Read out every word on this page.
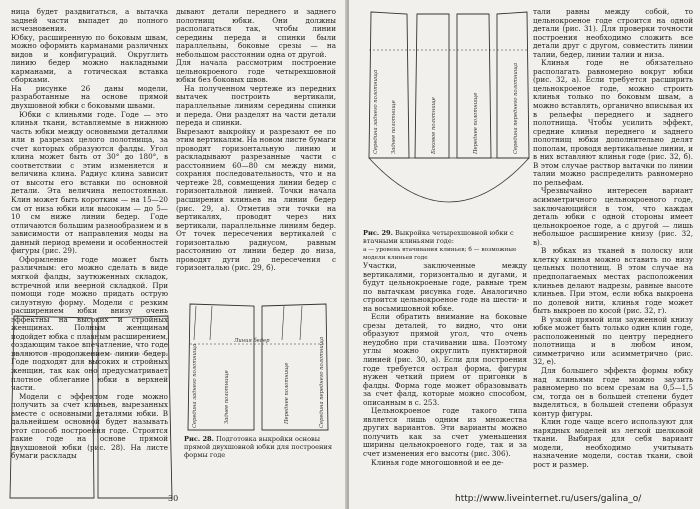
ница будет раздвигаться, а вытачка задней части выпадет до полного исчезновения.
Юбку, расширенную по боковым швам, можно оформить карманами различных видов и конфигураций. Округлить линию бедер можно накладными карманами, а готическая вставка сборками.
На рисунке 26 даны модели, разработанные на основе прямой двухшовной юбки с боковыми швами.

Юбки с клиньями годе. Годе — это клинья ткани, вставляемые в нижнюю часть юбки между основными деталями или в разрезах целого полотнища, за счет которых образуются фалды. Угол клина может быть от 30° до 180°, в соответствии с этим изменяется и величина клина. Радиус клина зависит от высоты его вставки по основной детали. Эта величина непостоянная. Клин может быть коротким — на 15—20 см от низа юбки или высоким — до 5—10 см ниже линии бедер. Годе отличаются большим разнообразием и в зависимости от направления моды на данный период времени и особенностей фигуры (рис. 29).

Оформление годе может быть различным: его можно сделать в виде мягкой фалды, заутюженных складок, встречной или веерной складкой. При помощи годе можно придать острую силуэтную форму. Модели с резким расширением юбки внизу очень эффектны на высоких и стройных женщинах. Полным женщинам подойдет юбка с плавным расширением, создающим такое впечатление, что годе являются продолжением линии бедер. Годе подходят для высоких и стройных женщин, так как оно предусматривает плотное облегание юбки в верхней части.

Модели с эффектом годе можно получить за счет клиньев, вырезанных вместе с основными деталями юбки. В дальнейшем основной будет называть этот способ построения годе. Строятся такие годе на основе прямой двухшовной юбки (рис. 28). На листе бумаги расклады

дывают детали переднего и заднего полотнищ юбки. Они должны располагаться так, чтобы линии середины переда и спинки были параллельны, боковые срезы — на небольшом расстоянии одна от другой.
Для начала рассмотрим построение цельнокроеного годе четырехшовной юбки без боковых швов.

На полученном чертеже из передних вытачек построить вертикали, параллельные линиям середины спинки и переда. Они разделят на части детали переда и спинки.
Вырезают выкройку и разрезают ее по этим вертикалям. На новом листе бумаги проводят горизонтальную линию и раскладывают разрезанные части с расстоянием 60—80 см между ними, сохраняя последовательность, что и на чертеже 28, совмещения линии бедер с горизонтальной линией. Точки начала расширения клиньев на линии бедер (рис. 29, а). Отметив эти точки на вертикалях, проводят через них вертикали, параллельные линиям бедер. От точек пересечения вертикалей с горизонталью радиусом, равным расстоянию от линии бедер до низа, проводят дуги до пересечения с горизонталью (рис. 29, б).

Середина заднего полотнища
Линия бедер
Заднее полотнище	Переднее полотнище	Середина переднего полотнища
Рис. 28. Подготовка выкройки основы прямой двухшовной юбки для построения формы годе
30
Середина заднего полотнища Заднее полотнище	Боковое полотнище	Переднее полотнище	Середина переднего полотнища
Рис. 29. Выкройка четырехшовной юбки с втачными клиньями годе:
а — уровень втачивания клиньев; б — возможные модели клиньев годе

Участки, заключенные между вертикалями, горизонталью и дугами, и будут цельнокроеные годе, равные трем по вытачкам рисунка годе. Аналогично строится цельнокроеное годе на шести- и на восьмишовной юбке.

Если обратить внимание на боковые срезы деталей, то видно, что они образуют прямой угол, что очень неудобно при стачивании шва. Поэтому углы можно округлить пунктирной линией (рис. 30, а). Если для построения годе требуется острая форма, фигуры нужен четкий прием от пригонки в фалды. Форма годе может образовывать за счет фалд, которые можно способом, описанным в с. 253.

Цельнокроеное годе такого типа является лишь одним из множества других вариантов. Эти варианты можно получить как за счет уменьшения ширины цельнокроеного годе, так и за счет изменения его высоты (рис. 306).

Клинья годе многошовной и ее де-

тали равны между собой, то цельнокроеное годе строится на одной детали (рис. 31). Для проверки точности построения необходимо сложить все детали друг с другом, совместить линии талии, бедер, линии талии и низа.

Клинья годе не обязательно располагать равномерно вокруг юбки (рис. 32, а). Если требуется расширить цельнокроеное годе, можно строить клинья только по боковым швам, а можно вставлять, органично вписывая их в рельефы переднего и заднего полотнища. Чтобы усилить эффект, средние клинья переднего и заднего полотнищ юбки дополнительно делят пополам, проводя вертикальные линии, и в них вставляют клинья годе (рис. 32, б). В этом случае раствор вытачки по линии талии можно распределить равномерно по рельефам.

Чрезвычайно интересен вариант асимметричного цельнокроеного годе, заключающийся в том, что каждая деталь юбки с одной стороны имеет цельнокроеное годе, а с другой — лишь небольшое расширение книзу (рис. 32, в).

В юбках из тканей в полоску или клетку клинья можно вставить по низу цельных полотнищ. В этом случае на предполагаемых местах расположения клиньев делают надрезы, равные высоте клиньев. При этом, если юбка выкроена по долевой нити, клинья годе может быть выкроен по косой (рис. 32, г).

В узкой прямой или зауженной книзу юбке может быть только один клин годе, расположенный по центру переднего полотнища и в любом ином, симметрично или асимметрично (рис. 32, е).

Для большего эффекта формы юбку над клиньями годе можно заузить равномерно по всем срезам на 0,5—1,5 см, тогда он в большей степени будет выделяться, в большей степени образуя контур фигуры.

Клин годе чаще всего используют для нарядных моделей из легкой шелковой ткани. Выбирая для себя вариант модели, необходимо учитывать назначение модели, состав ткани, свой рост и размер.

http://www.liveinternet.ru/users/galina_o/
